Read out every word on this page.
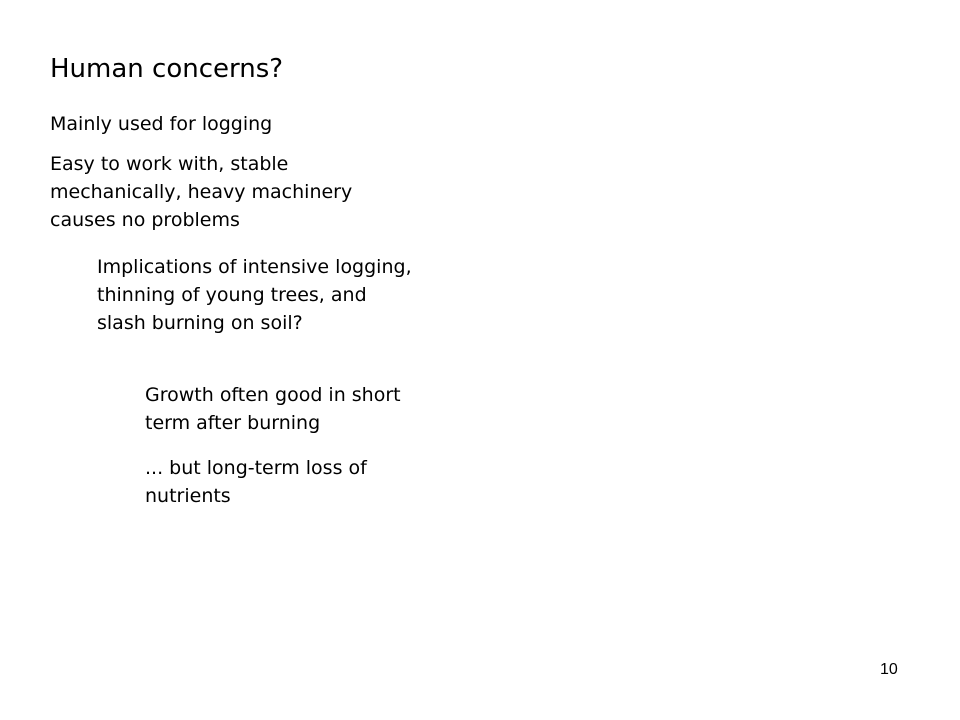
Human concerns?

Mainly used for logging

Easy to work with, stable mechanically, heavy machinery causes no problems

Implications of intensive logging, thinning of young trees, and slash burning on soil?

Growth often good in short term after burning

... but long-term loss of nutrients

10
